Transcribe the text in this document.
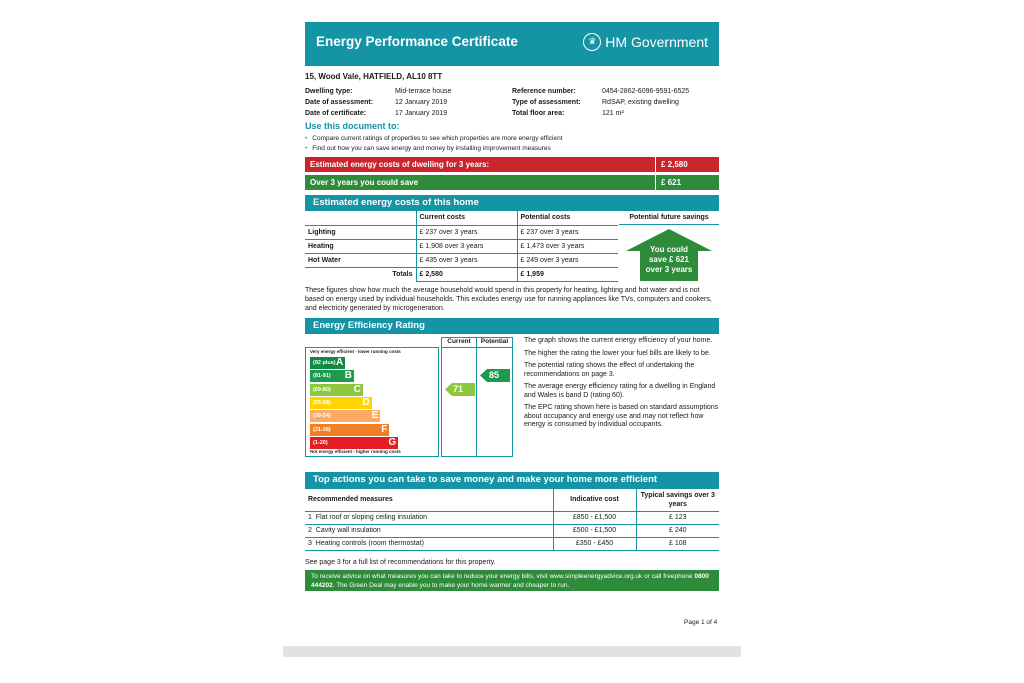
Energy Performance Certificate	♛ HM Government
15, Wood Vale, HATFIELD, AL10 8TT
Dwelling type:	Mid-terrace house
Date of assessment:	12 January 2019
Date of certificate:	17 January 2019
Reference number:	0454-2862-6096-9591-6525
Type of assessment:	RdSAP, existing dwelling
Total floor area:	121 m²
Use this document to:
• Compare current ratings of properties to see which properties are more energy efficient
• Find out how you can save energy and money by installing improvement measures
Estimated energy costs of dwelling for 3 years:	£ 2,580
Over 3 years you could save	£ 621
Estimated energy costs of this home
	Current costs	Potential costs
Lighting	£ 237 over 3 years	£ 237 over 3 years
Heating	£ 1,908 over 3 years	£ 1,473 over 3 years
Hot Water	£ 435 over 3 years	£ 249 over 3 years
Totals	£ 2,580	£ 1,959
Potential future savings
You could
save £ 621
over 3 years
These figures show how much the average household would spend in this property for heating, lighting and hot water and is not based on energy used by individual households. This excludes energy use for running appliances like TVs, computers and cookers, and electricity generated by microgeneration.
Energy Efficiency Rating
Current	Potential
Very energy efficient - lower running costs
(92 plus) A
(81-91) B
(69-80) C
(55-68)	D
(39-54)	E
(21-38)	F
(1-20)	G
Not energy efficient - higher running costs
71
85

The graph shows the current energy efficiency of your home.

The higher the rating the lower your fuel bills are likely to be.

The potential rating shows the effect of undertaking the recommendations on page 3.

The average energy efficiency rating for a dwelling in England and Wales is band D (rating 60).

The EPC rating shown here is based on standard assumptions about occupancy and energy use and may not reflect how energy is consumed by individual occupants.

Top actions you can take to save money and make your home more efficient
Recommended measures	Indicative cost	Typical savings over 3 years
1 Flat roof or sloping ceiling insulation	£850 - £1,500	£ 123
2 Cavity wall insulation	£500 - £1,500	£ 240
3 Heating controls (room thermostat)	£350 - £450	£ 108
See page 3 for a full list of recommendations for this property.
To receive advice on what measures you can take to reduce your energy bills, visit www.simpleenergyadvice.org.uk or call freephone 0800 444202. The Green Deal may enable you to make your home warmer and cheaper to run.
Page 1 of 4
